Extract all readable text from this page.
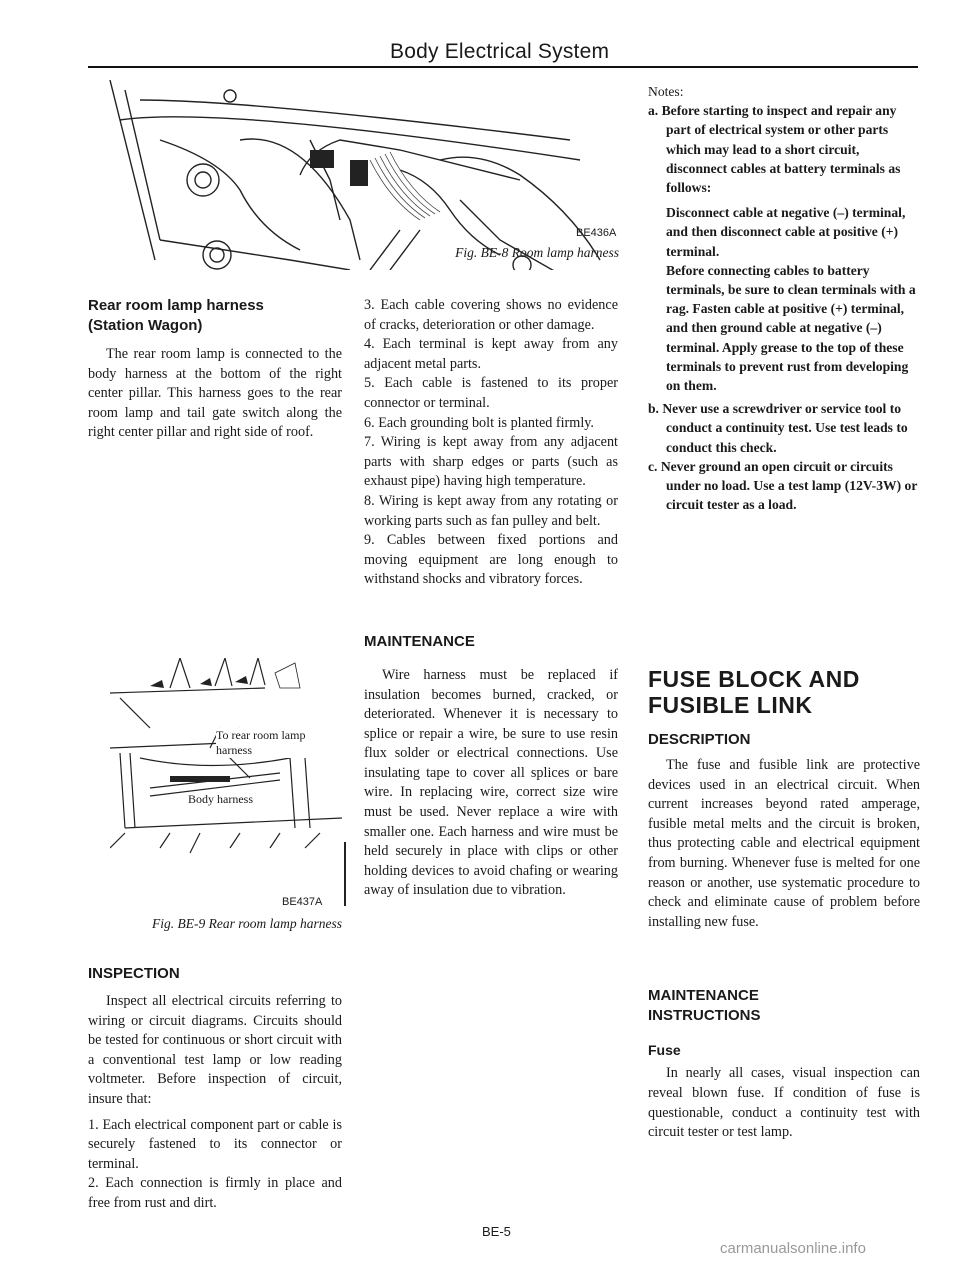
Body Electrical System
BE436A
Fig. BE-8 Room lamp harness
Rear room lamp harness
(Station Wagon)

The rear room lamp is connected to the body harness at the bottom of the right center pillar. This harness goes to the rear room lamp and tail gate switch along the right center pillar and right side of roof.

To rear room lamp harness
Body harness
BE437A
Fig. BE-9 Rear room lamp harness
INSPECTION

Inspect all electrical circuits referring to wiring or circuit diagrams. Circuits should be tested for continuous or short circuit with a conventional test lamp or low reading voltmeter. Before inspection of circuit, insure that:

1. Each electrical component part or cable is securely fastened to its connector or terminal.

2. Each connection is firmly in place and free from rust and dirt.

3. Each cable covering shows no evidence of cracks, deterioration or other damage.

4. Each terminal is kept away from any adjacent metal parts.

5. Each cable is fastened to its proper connector or terminal.

6. Each grounding bolt is planted firmly.

7. Wiring is kept away from any adjacent parts with sharp edges or parts (such as exhaust pipe) having high temperature.

8. Wiring is kept away from any rotating or working parts such as fan pulley and belt.

9. Cables between fixed portions and moving equipment are long enough to withstand shocks and vibratory forces.

MAINTENANCE

Wire harness must be replaced if insulation becomes burned, cracked, or deteriorated. Whenever it is necessary to splice or repair a wire, be sure to use resin flux solder or electrical connections. Use insulating tape to cover all splices or bare wire. In replacing wire, correct size wire must be used. Never replace a wire with smaller one. Each harness and wire must be held securely in place with clips or other holding devices to avoid chafing or wearing away of insulation due to vibration.

Notes:
a. Before starting to inspect and repair any part of electrical system or other parts which may lead to a short circuit, disconnect cables at battery terminals as follows:
Disconnect cable at negative (–) terminal, and then disconnect cable at positive (+) terminal.
Before connecting cables to battery terminals, be sure to clean terminals with a rag. Fasten cable at positive (+) terminal, and then ground cable at negative (–) terminal. Apply grease to the top of these terminals to prevent rust from developing on them.
b. Never use a screwdriver or service tool to conduct a continuity test. Use test leads to conduct this check.
c. Never ground an open circuit or circuits under no load. Use a test lamp (12V-3W) or circuit tester as a load.
FUSE BLOCK AND
FUSIBLE LINK
DESCRIPTION

The fuse and fusible link are protective devices used in an electrical circuit. When current increases beyond rated amperage, fusible metal melts and the circuit is broken, thus protecting cable and electrical equipment from burning. Whenever fuse is melted for one reason or another, use systematic procedure to check and eliminate cause of problem before installing new fuse.

MAINTENANCE
INSTRUCTIONS
Fuse

In nearly all cases, visual inspection can reveal blown fuse. If condition of fuse is questionable, conduct a continuity test with circuit tester or test lamp.

BE-5
carmanualsonline.info
